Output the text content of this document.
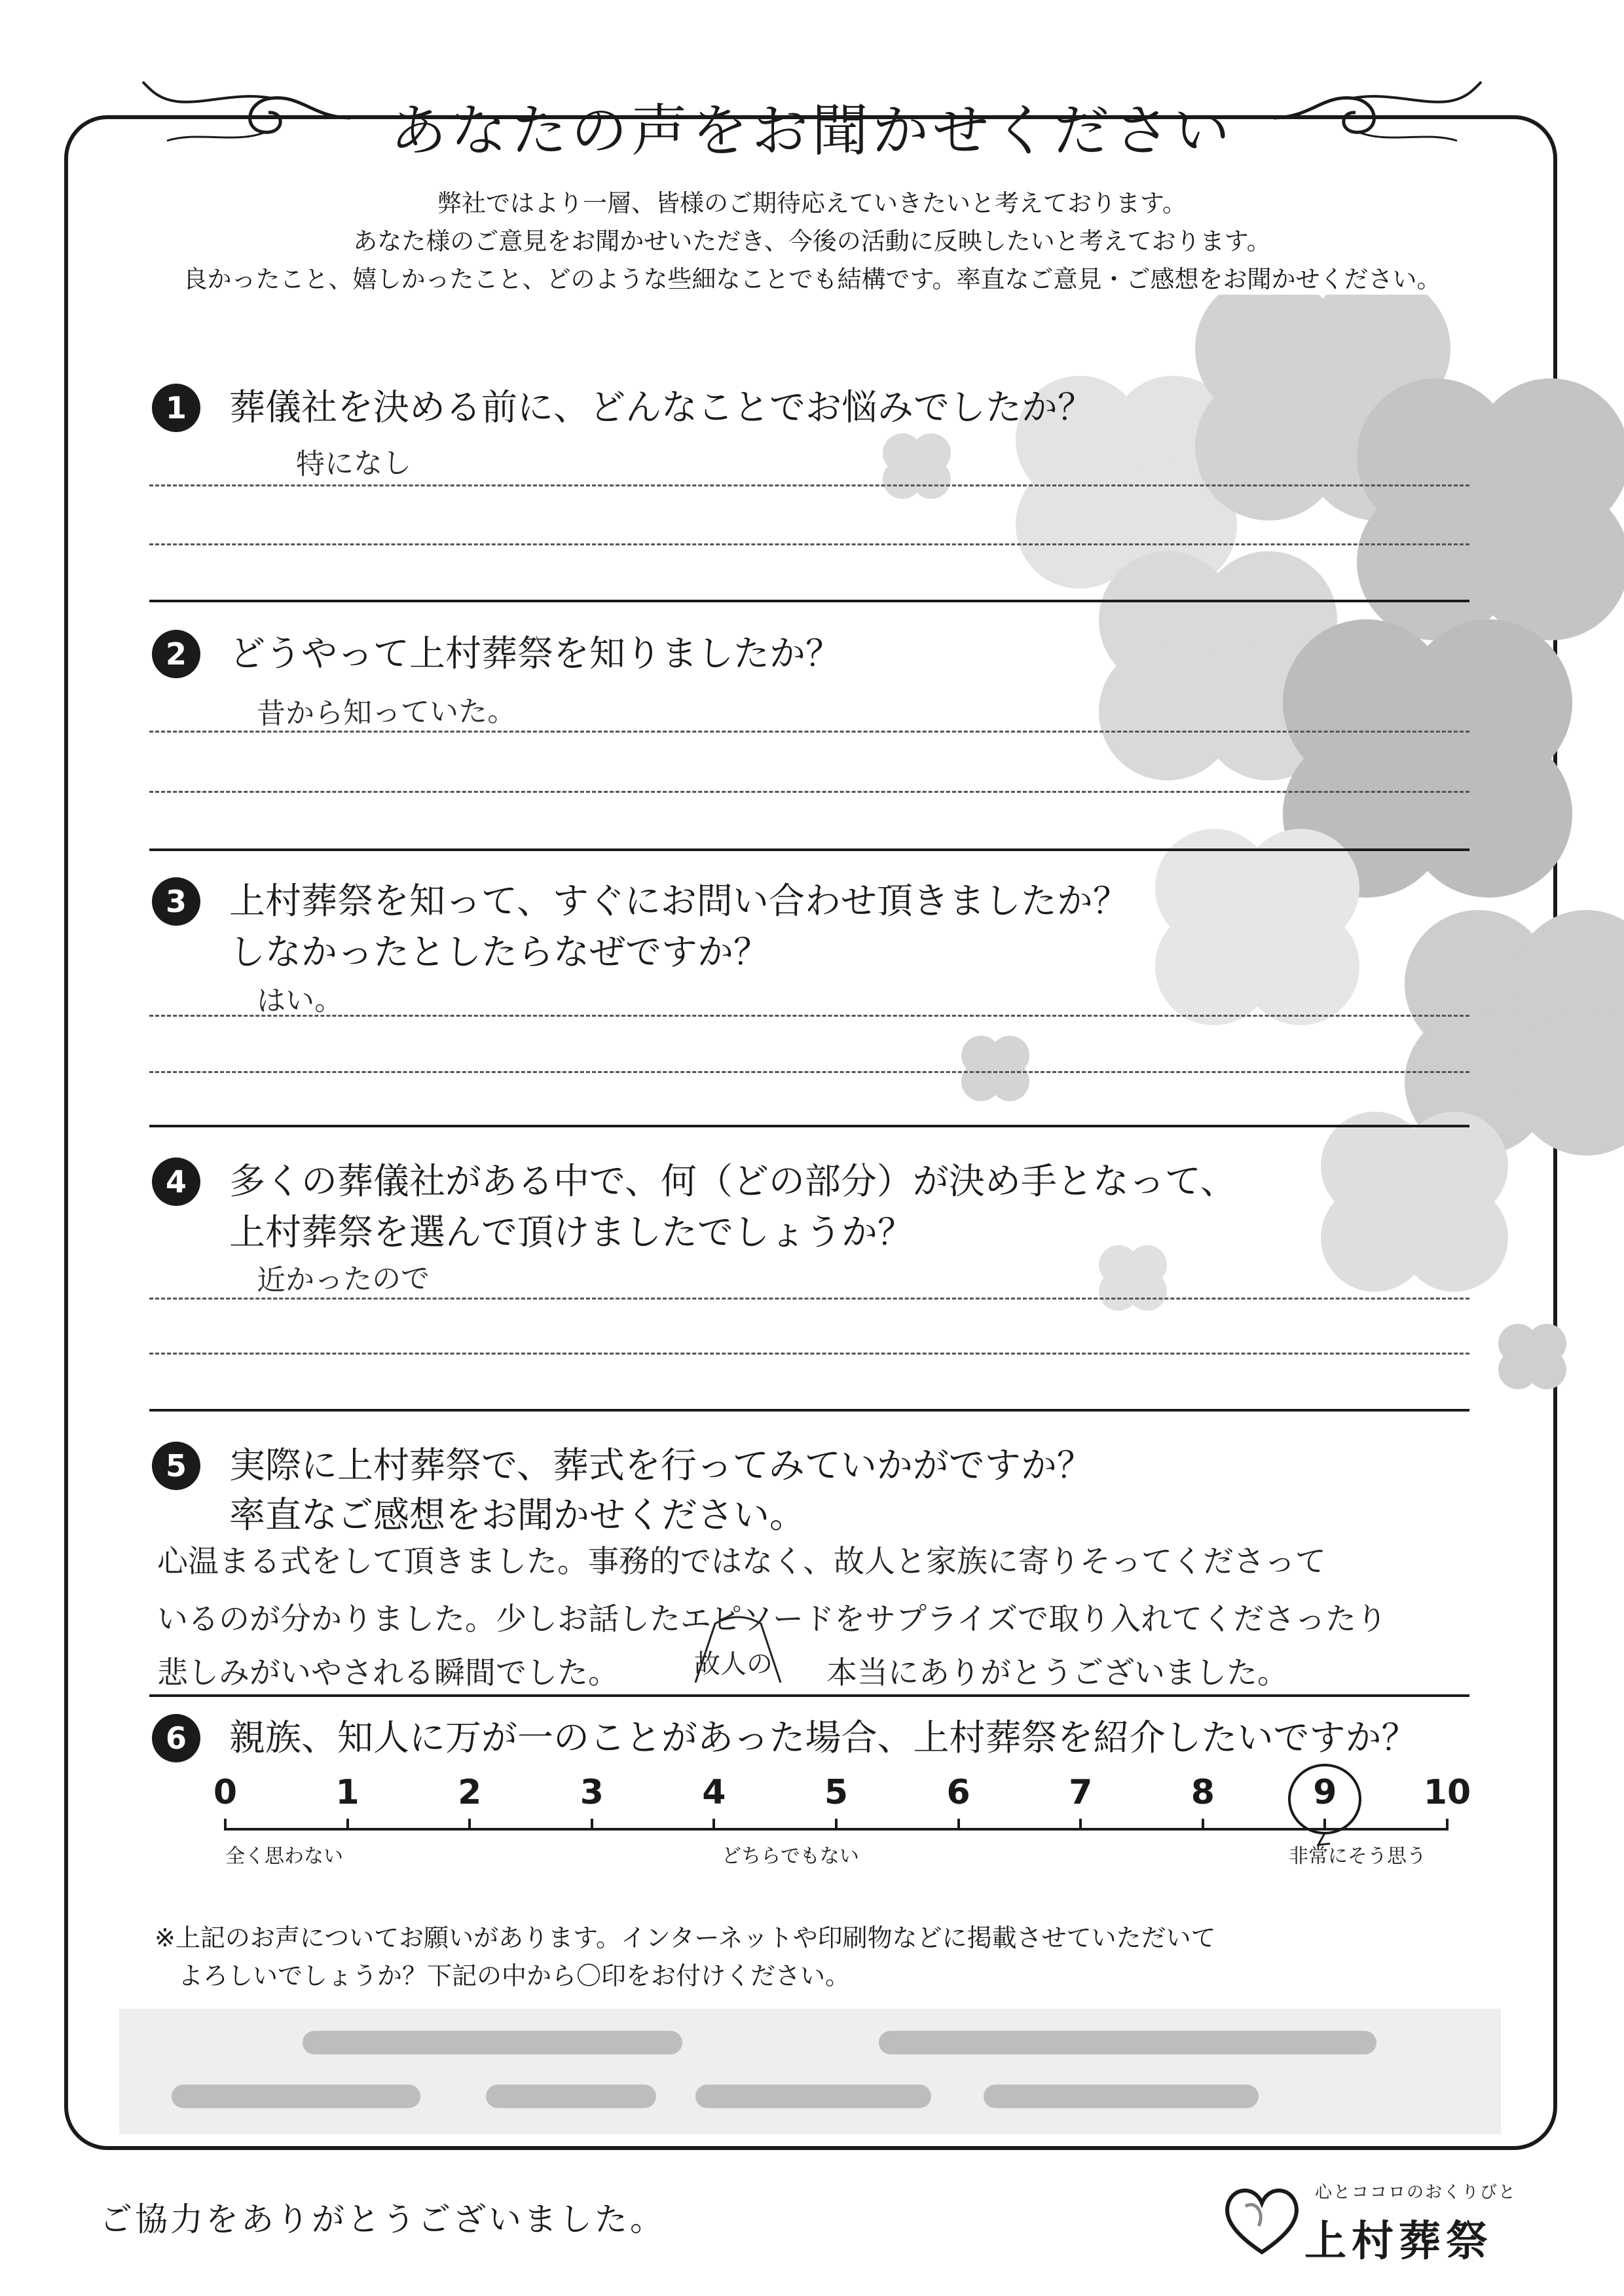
あなたの声をお聞かせください
弊社ではより一層、皆様のご期待応えていきたいと考えております。
あなた様のご意見をお聞かせいただき、今後の活動に反映したいと考えております。
良かったこと、嬉しかったこと、どのような些細なことでも結構です。率直なご意見・ご感想をお聞かせください。
1	葬儀社を決める前に、どんなことでお悩みでしたか？
特になし
2	どうやって上村葬祭を知りましたか？
昔から知っていた。
3	上村葬祭を知って、すぐにお問い合わせ頂きましたか？
しなかったとしたらなぜですか？
はい。
4	多くの葬儀社がある中で、何（どの部分）が決め手となって、
上村葬祭を選んで頂けましたでしょうか？
近かったので
5	実際に上村葬祭で、葬式を行ってみていかがですか？
率直なご感想をお聞かせください。
心温まる式をして頂きました。事務的ではなく、故人と家族に寄りそってくださって
いるのが分かりました。少しお話したエピソードをサプライズで取り入れてくださったり
悲しみがいやされる瞬間でした。	故人の 本当にありがとうございました。
6	親族、知人に万が一のことがあった場合、上村葬祭を紹介したいですか？
0	1	2	3	4	5	6	7	8	9	10
全く思わない	どちらでもない	非常にそう思う
※上記のお声についてお願いがあります。インターネットや印刷物などに掲載させていただいて
よろしいでしょうか？下記の中から〇印をお付けください。
ご協力をありがとうございました。
心とココロのおくりびと
上村葬祭
